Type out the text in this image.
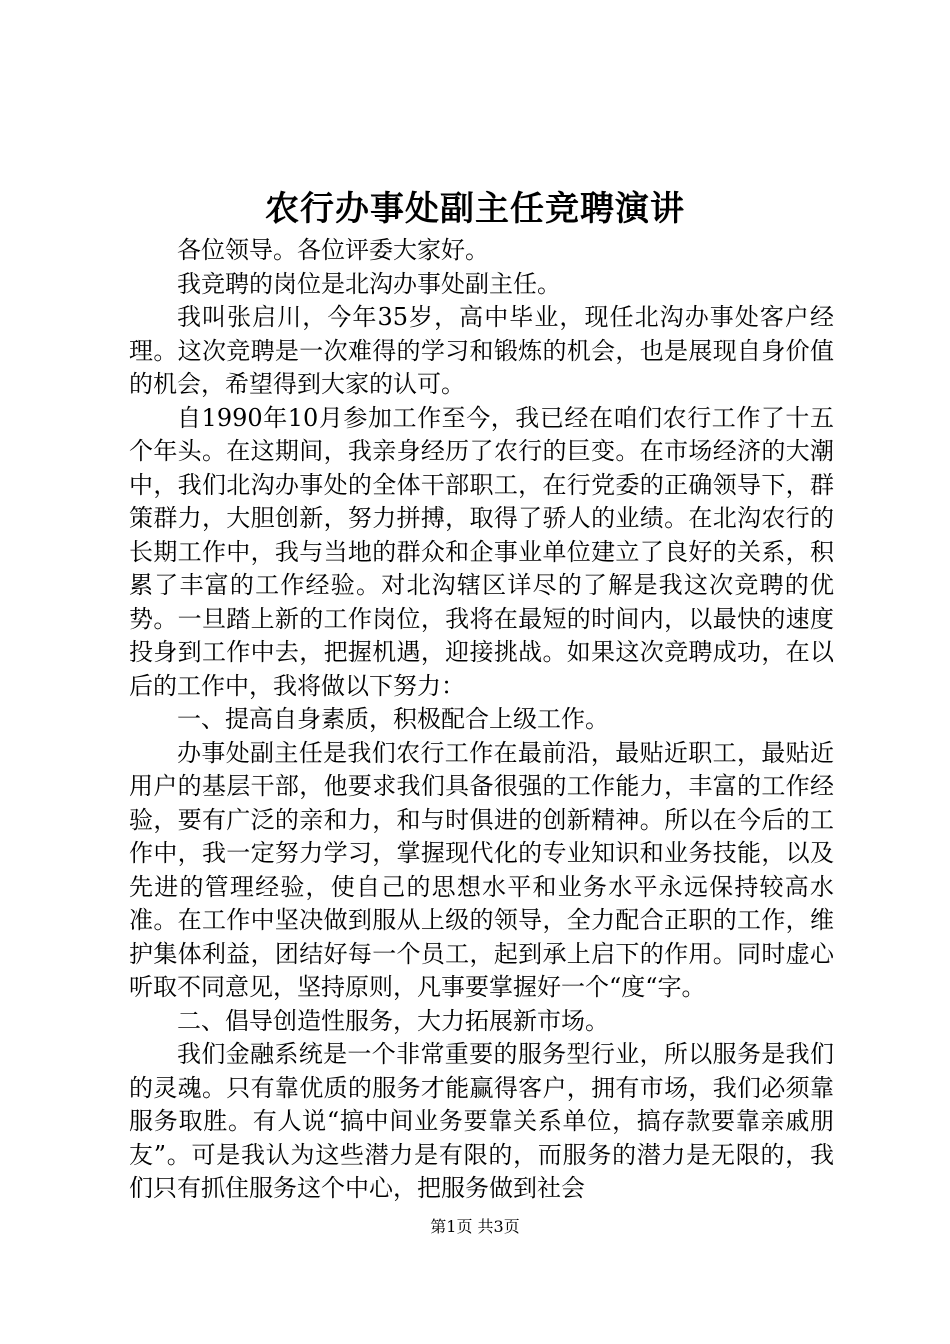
农行办事处副主任竞聘演讲

各位领导。各位评委大家好。

我竞聘的岗位是北沟办事处副主任。

我叫张启川，今年35岁，高中毕业，现任北沟办事处客户经理。这次竞聘是一次难得的学习和锻炼的机会，也是展现自身价值的机会，希望得到大家的认可。

自1990年10月参加工作至今，我已经在咱们农行工作了十五个年头。在这期间，我亲身经历了农行的巨变。在市场经济的大潮中，我们北沟办事处的全体干部职工，在行党委的正确领导下，群策群力，大胆创新，努力拼搏，取得了骄人的业绩。在北沟农行的长期工作中，我与当地的群众和企事业单位建立了良好的关系，积累了丰富的工作经验。对北沟辖区详尽的了解是我这次竞聘的优势。一旦踏上新的工作岗位，我将在最短的时间内，以最快的速度投身到工作中去，把握机遇，迎接挑战。如果这次竞聘成功，在以后的工作中，我将做以下努力：

一、提高自身素质，积极配合上级工作。

办事处副主任是我们农行工作在最前沿，最贴近职工，最贴近用户的基层干部，他要求我们具备很强的工作能力，丰富的工作经验，要有广泛的亲和力，和与时俱进的创新精神。所以在今后的工作中，我一定努力学习，掌握现代化的专业知识和业务技能，以及先进的管理经验，使自己的思想水平和业务水平永远保持较高水准。在工作中坚决做到服从上级的领导，全力配合正职的工作，维护集体利益，团结好每一个员工，起到承上启下的作用。同时虚心听取不同意见，坚持原则，凡事要掌握好一个“度“字。

二、倡导创造性服务，大力拓展新市场。

我们金融系统是一个非常重要的服务型行业，所以服务是我们的灵魂。只有靠优质的服务才能赢得客户，拥有市场，我们必须靠服务取胜。有人说“搞中间业务要靠关系单位，搞存款要靠亲戚朋友”。可是我认为这些潜力是有限的，而服务的潜力是无限的，我们只有抓住服务这个中心，把服务做到社会

第1页 共3页
